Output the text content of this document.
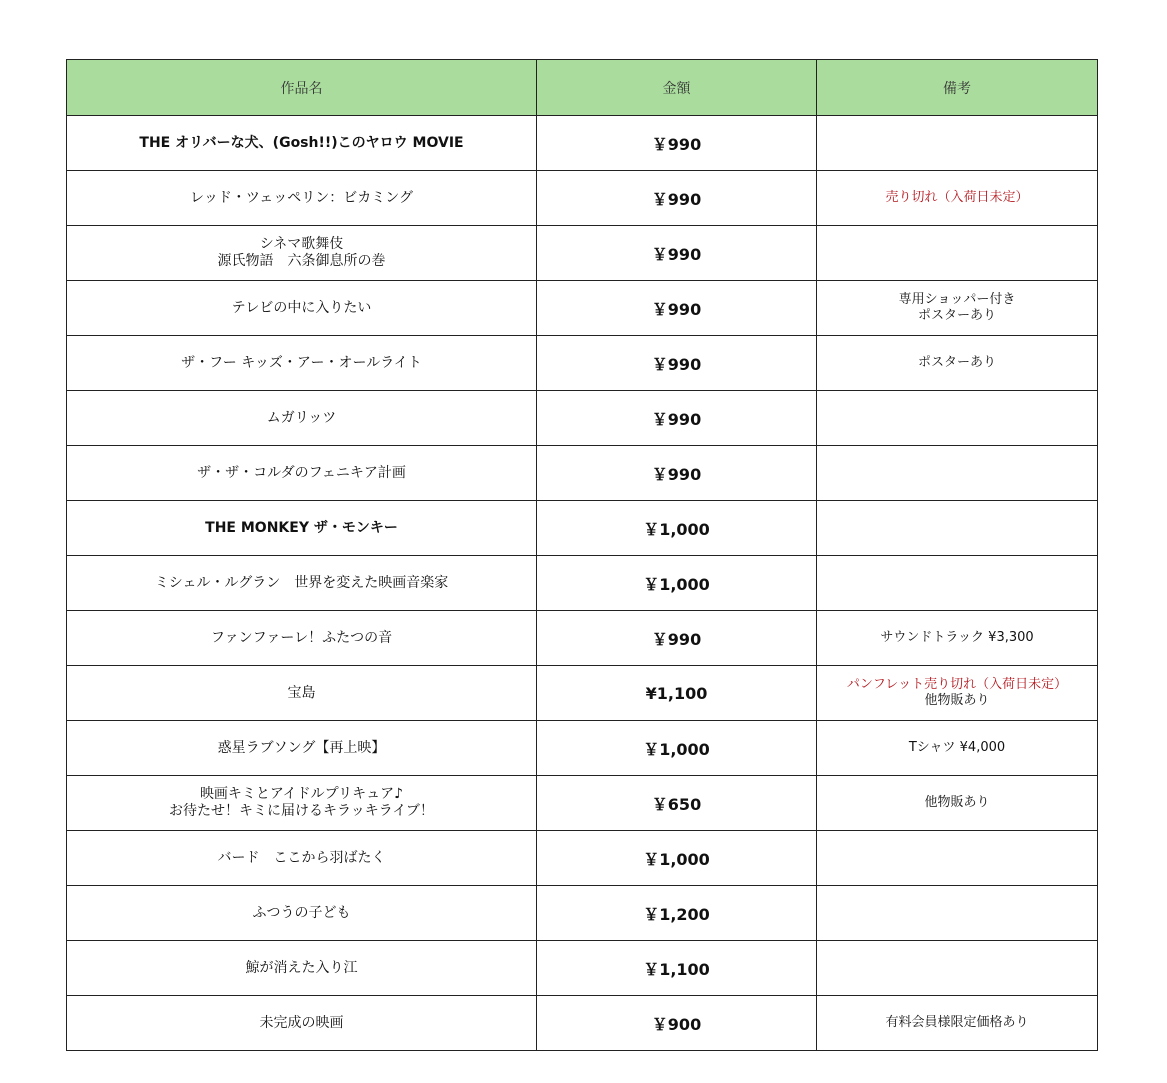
作品名	金額	備考

THE オリバーな犬、(Gosh!!)このヤロウ MOVIE	￥990	

レッド・ツェッペリン：ビカミング	￥990	売り切れ（入荷日未定）

シネマ歌舞伎
源氏物語　六条御息所の巻	￥990	

テレビの中に入りたい	￥990	専用ショッパー付き
ポスターあり

ザ・フー キッズ・アー・オールライト	￥990	ポスターあり

ムガリッツ	￥990	

ザ・ザ・コルダのフェニキア計画	￥990	

THE MONKEY ザ・モンキー	￥1,000	

ミシェル・ルグラン　世界を変えた映画音楽家	￥1,000	

ファンファーレ！ふたつの音	￥990	サウンドトラック ¥3,300

宝島	¥1,100	パンフレット売り切れ（入荷日未定）
他物販あり

惑星ラブソング【再上映】	￥1,000	Tシャツ ¥4,000

映画キミとアイドルプリキュア♪
お待たせ！キミに届けるキラッキライブ！	￥650	他物販あり

バード　ここから羽ばたく	￥1,000	

ふつうの子ども	￥1,200	

鯨が消えた入り江	￥1,100	

未完成の映画	￥900	有料会員様限定価格あり
